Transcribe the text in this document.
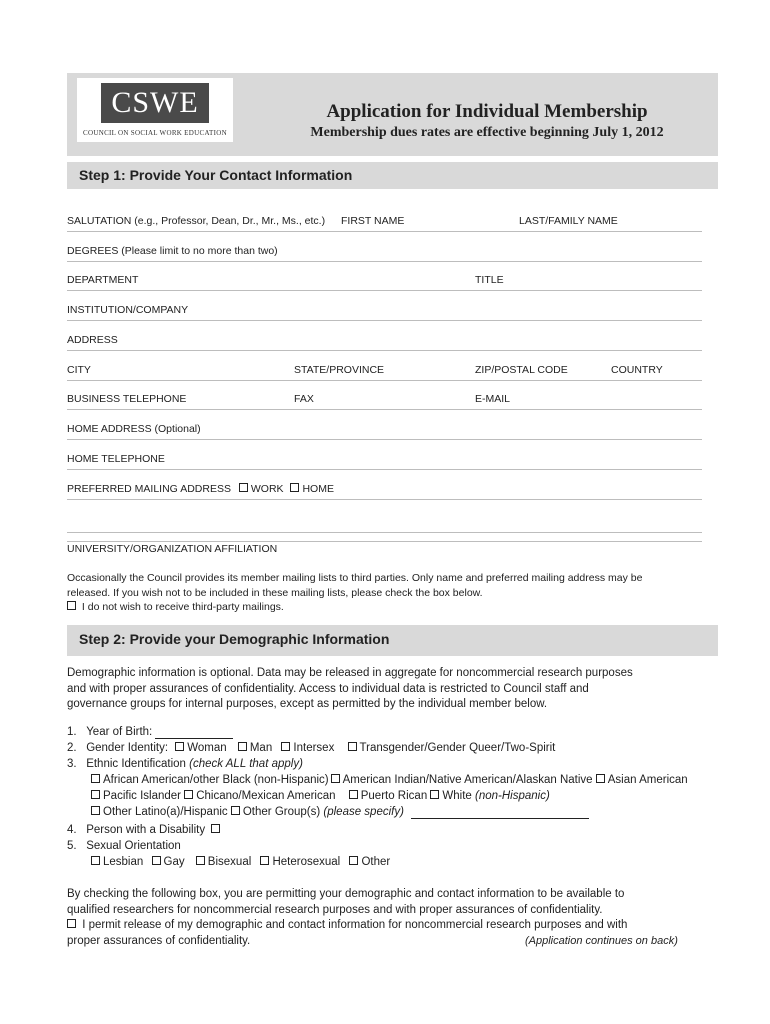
CSWE
COUNCIL ON SOCIAL WORK EDUCATION
Application for Individual Membership
Membership dues rates are effective beginning July 1, 2012
Step 1: Provide Your Contact Information
SALUTATION (e.g., Professor, Dean, Dr., Mr., Ms., etc.) FIRST NAME	LAST/FAMILY NAME
DEGREES (Please limit to no more than two)
DEPARTMENT	TITLE
INSTITUTION/COMPANY
ADDRESS
CITY	STATE/PROVINCE	ZIP/POSTAL CODE	COUNTRY
BUSINESS TELEPHONE	FAX	E-MAIL
HOME ADDRESS (Optional)
HOME TELEPHONE
PREFERRED MAILING ADDRESS WORK HOME
UNIVERSITY/ORGANIZATION AFFILIATION
Occasionally the Council provides its member mailing lists to third parties. Only name and preferred mailing address may be
released. If you wish not to be included in these mailing lists, please check the box below.
I do not wish to receive third-party mailings.
Step 2: Provide your Demographic Information
Demographic information is optional. Data may be released in aggregate for noncommercial research purposes
and with proper assurances of confidentiality. Access to individual data is restricted to Council staff and
governance groups for internal purposes, except as permitted by the individual member below.
1. Year of Birth:
2. Gender Identity: Woman Man Intersex Transgender/Gender Queer/Two-Spirit
3. Ethnic Identification (check ALL that apply)
African American/other Black (non-Hispanic) American Indian/Native American/Alaskan Native Asian American
Pacific Islander Chicano/Mexican American Puerto Rican White (non-Hispanic)
Other Latino(a)/Hispanic Other Group(s) (please specify)
4. Person with a Disability
5. Sexual Orientation
Lesbian Gay Bisexual Heterosexual Other
By checking the following box, you are permitting your demographic and contact information to be available to
qualified researchers for noncommercial research purposes and with proper assurances of confidentiality.
I permit release of my demographic and contact information for noncommercial research purposes and with
proper assurances of confidentiality.	(Application continues on back)
